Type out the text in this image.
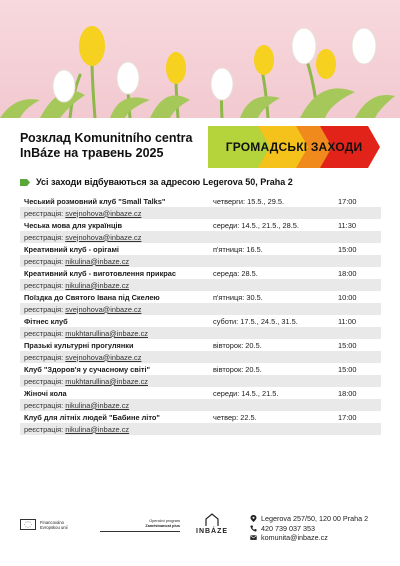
Розклад Komunitního centra
InBáze на травень 2025	ГРОМАДСЬКІ ЗАХОДИ
Усі заходи відбуваються за адресою Legerova 50, Praha 2
Чеський розмовний клуб "Small Talks"	четверги: 15.5., 29.5.	17:00
реєстрація: svejnohova@inbaze.cz
Чеська мова для українців	середи: 14.5., 21.5., 28.5.	11:30
реєстрація: svejnohova@inbaze.cz
Креативний клуб - орігамі	п'ятниця: 16.5.	15:00
реєстрація: nikulina@inbaze.cz
Креативний клуб - виготовлення прикрас	середа: 28.5.	18:00
реєстрація: nikulina@inbaze.cz
Поїздка до Святого Івана під Скелею	п'ятниця: 30.5.	10:00
реєстрація: svejnohova@inbaze.cz
Фітнес клуб	суботи: 17.5., 24.5., 31.5.	11:00
реєстрація: mukhtarullina@inbaze.cz
Празькі культурні прогулянки	вівторок: 20.5.	15:00
реєстрація: svejnohova@inbaze.cz
Клуб "Здоров'я у сучасному світі"	вівторок: 20.5.	15:00
реєстрація: mukhtarullina@inbaze.cz
Жіночі кола	середи: 14.5., 21.5.	18:00
реєстрація: nikulina@inbaze.cz
Клуб для літніх людей "Бабине літо"	четвер: 22.5.	17:00
реєстрація: nikulina@inbaze.cz
Financováno
Evropskou unií
Operační program
Zaměstnanost plus
INBÁZE
Legerova 257/50, 120 00 Praha 2
420 739 037 353
komunita@inbaze.cz
